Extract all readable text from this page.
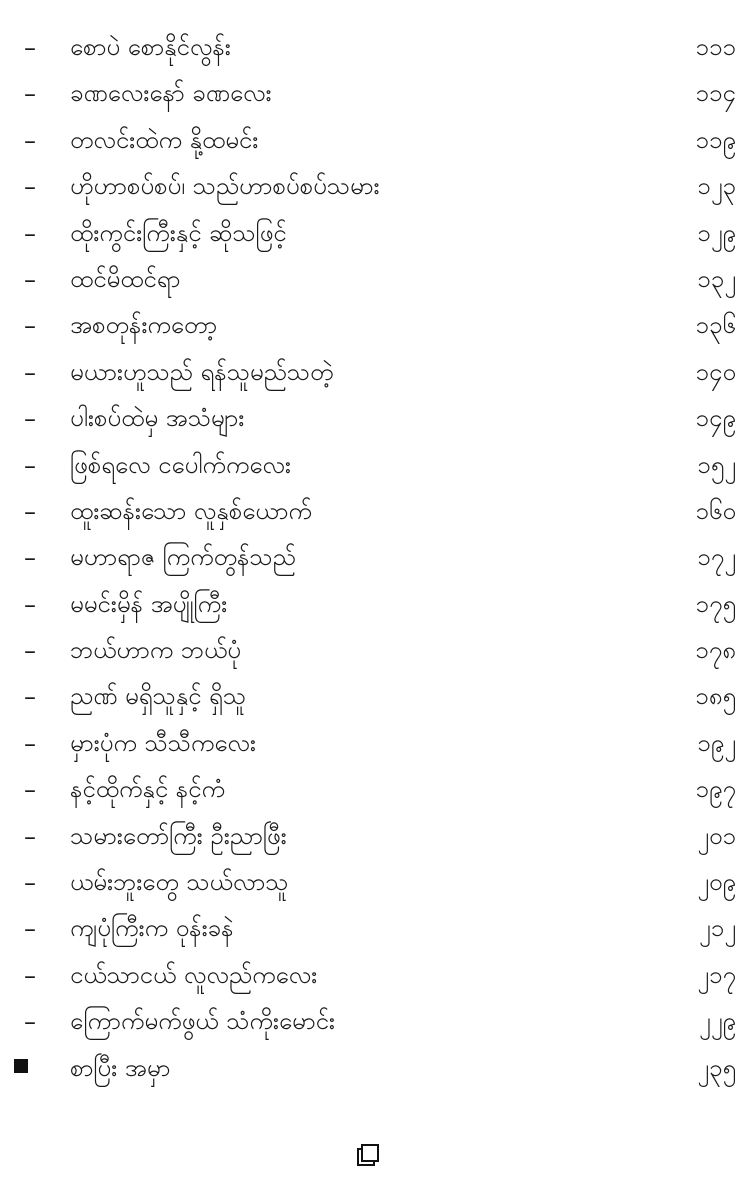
–	စောပဲ စောနိုင်လွန်း	၁၁၁
–	ခဏလေးနော် ခဏလေး	၁၁၄
–	တလင်းထဲက နို့ထမင်း	၁၁၉
–	ဟိုဟာစပ်စပ်၊ သည်ဟာစပ်စပ်သမား	၁၂၃
–	ထိုးကွင်းကြီးနှင့် ဆိုသဖြင့်	၁၂၉
–	ထင်မိထင်ရာ	၁၃၂
–	အစတုန်းကတော့	၁၃၆
–	မယားဟူသည် ရန်သူမည်သတဲ့	၁၄၀
–	ပါးစပ်ထဲမှ အသံများ	၁၄၉
–	ဖြစ်ရလေ ငပေါက်ကလေး	၁၅၂
–	ထူးဆန်းသော လူနှစ်ယောက်	၁၆၀
–	မဟာရာဇ ကြက်တွန်သည်	၁၇၂
–	မမင်းမှိန် အပျိုကြီး	၁၇၅
–	ဘယ်ဟာက ဘယ်ပုံ	၁၇၈
–	ညဏ် မရှိသူနှင့် ရှိသူ	၁၈၅
–	မှားပုံက သီသီကလေး	၁၉၂
–	နင့်ထိုက်နှင့် နင့်ကံ	၁၉၇
–	သမားတော်ကြီး ဦးညာဖြီး	၂၀၁
–	ယမ်းဘူးတွေ သယ်လာသူ	၂၀၉
–	ကျပုံကြီးက ဝုန်းခနဲ	၂၁၂
–	ငယ်သာငယ် လူလည်ကလေး	၂၁၇
–	ကြောက်မက်ဖွယ် သံကိုးမောင်း	၂၂၉
စာပြီး အမှာ	၂၃၅
